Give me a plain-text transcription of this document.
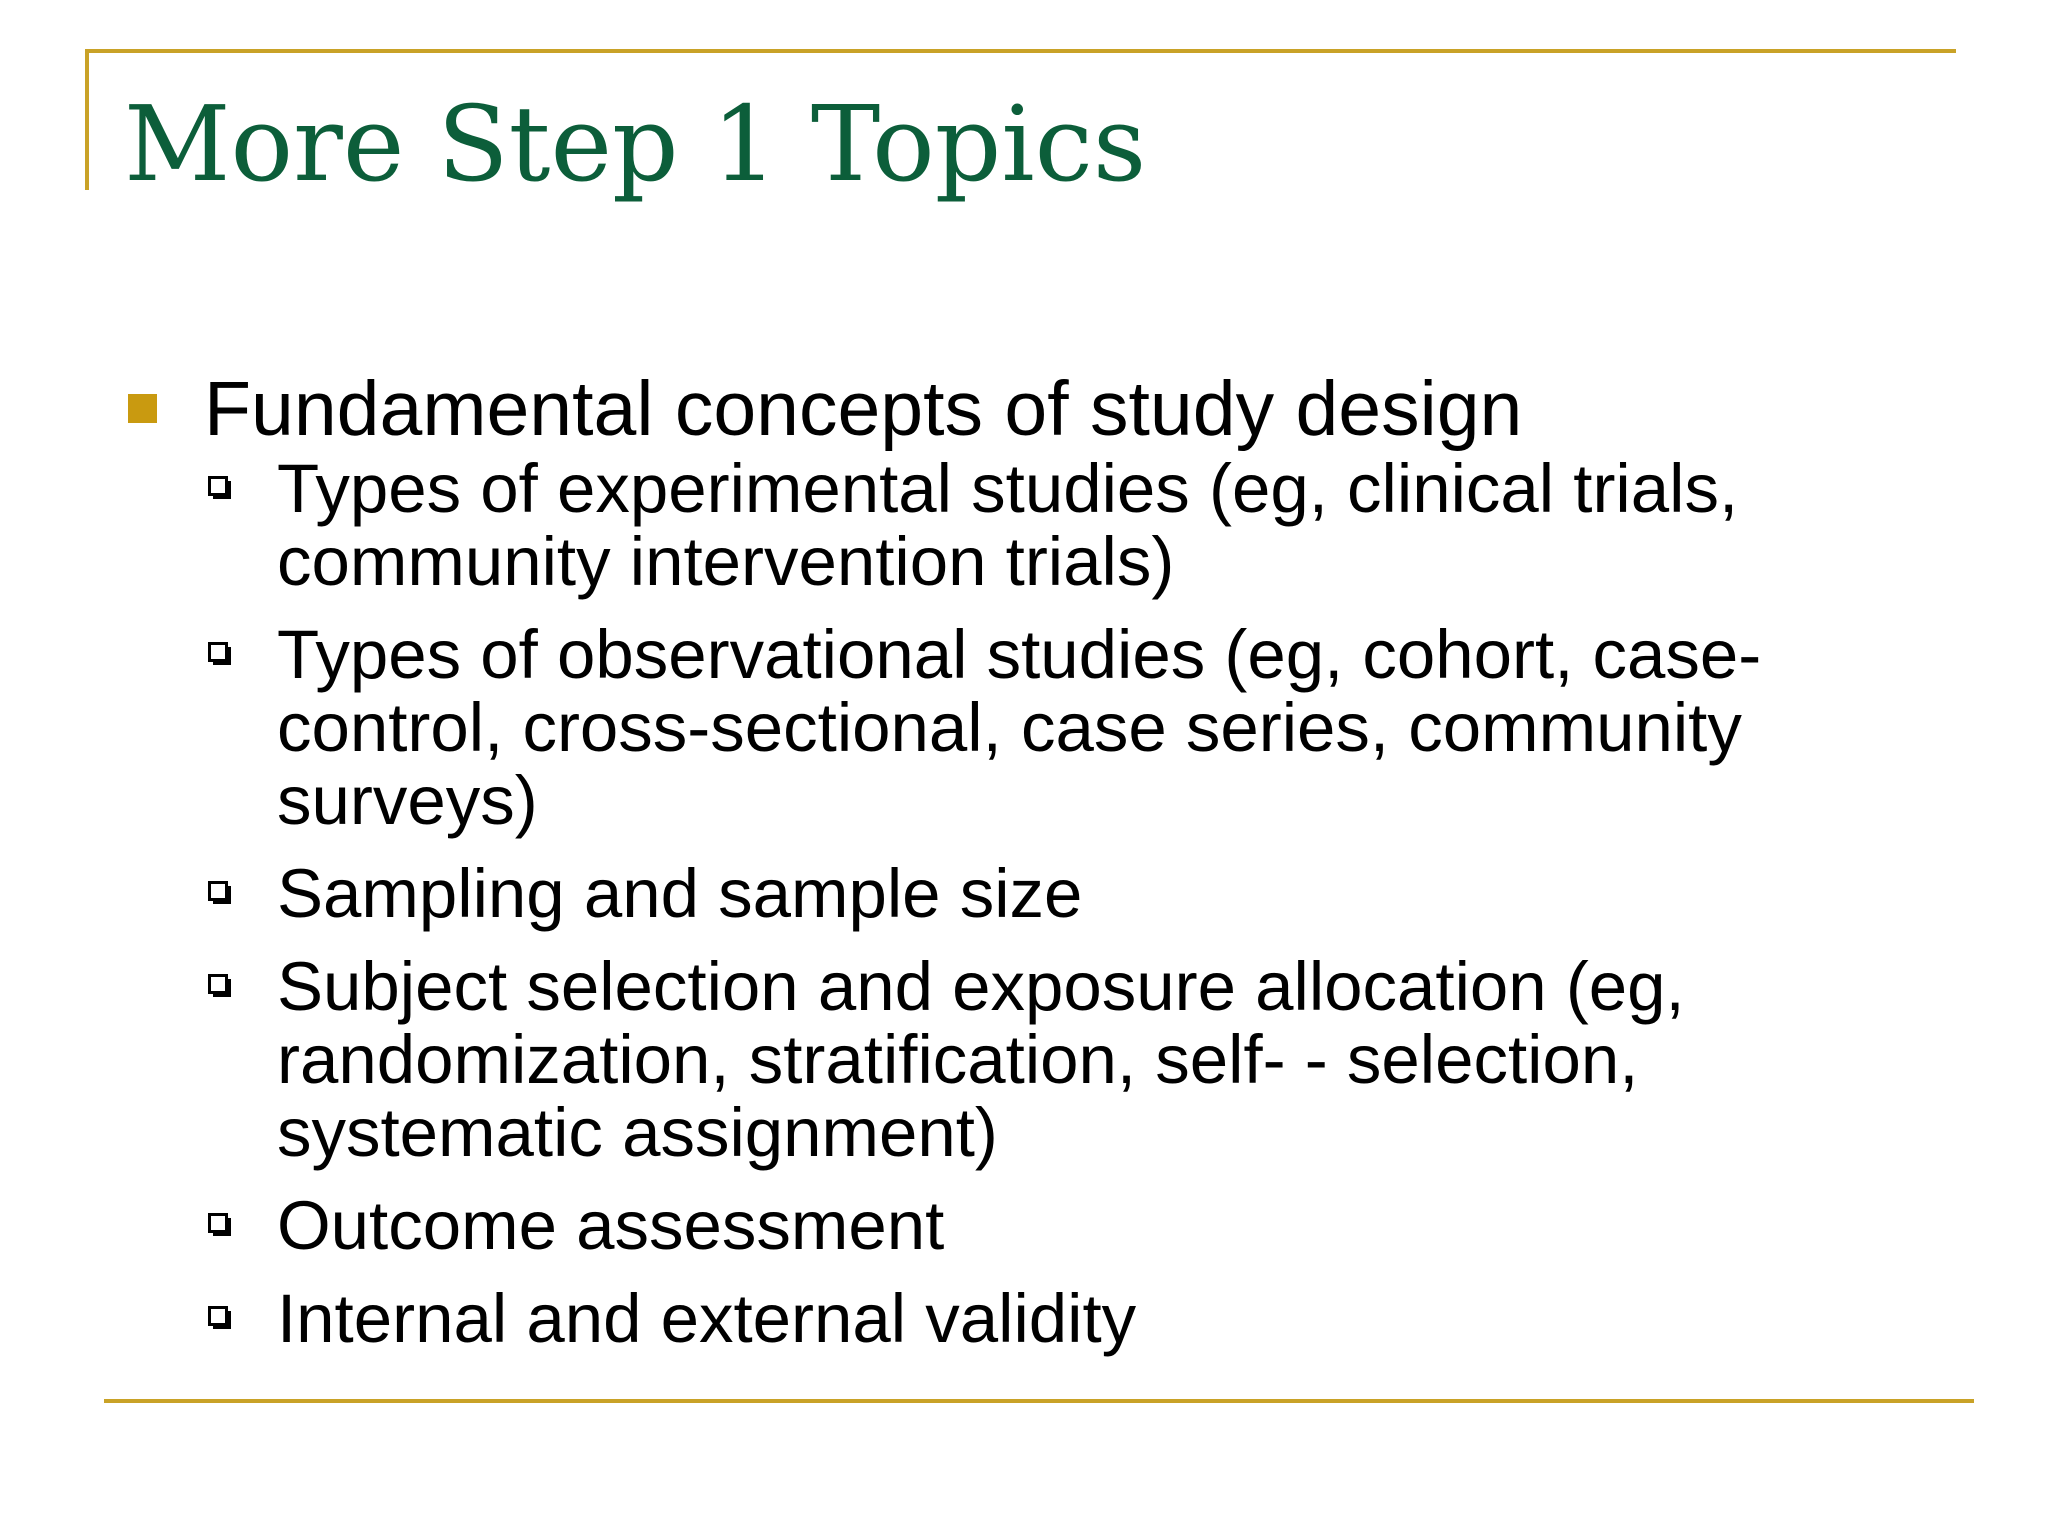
More Step 1 Topics
Fundamental concepts of study design
Types of experimental studies (eg, clinical trials, community intervention trials)
Types of observational studies (eg, cohort, case-control, cross-sectional, case series, community surveys)
Sampling and sample size
Subject selection and exposure allocation (eg, randomization, stratification, self- - selection, systematic assignment)
Outcome assessment
Internal and external validity
